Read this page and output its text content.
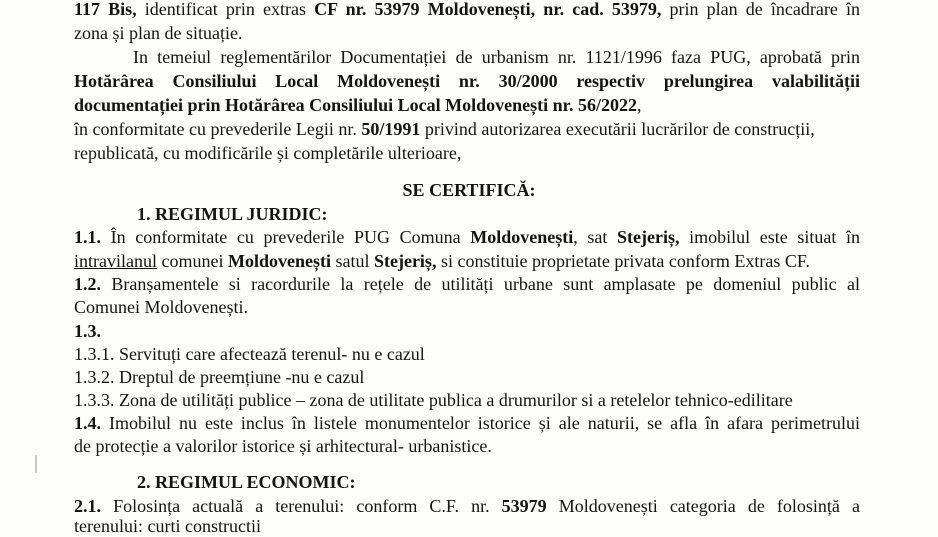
117 Bis, identificat prin extras CF nr. 53979 Moldovenești, nr. cad. 53979, prin plan de încadrare în
zona și plan de situație.
In temeiul reglementărilor Documentației de urbanism nr. 1121/1996 faza PUG, aprobată prin
Hotărârea Consiliului Local Moldovenești nr. 30/2000 respectiv prelungirea valabilității
documentației prin Hotărârea Consiliului Local Moldovenești nr. 56/2022,
în conformitate cu prevederile Legii nr. 50/1991 privind autorizarea executării lucrărilor de construcții,
republicată, cu modificările și completările ulterioare,
SE CERTIFICĂ:
1. REGIMUL JURIDIC:
1.1. În conformitate cu prevederile PUG Comuna Moldovenești, sat Stejeriș, imobilul este situat în
intravilanul comunei Moldovenești satul Stejeriș, si constituie proprietate privata conform Extras CF.
1.2. Branșamentele si racordurile la rețele de utilități urbane sunt amplasate pe domeniul public al
Comunei Moldovenești.
1.3.
1.3.1. Servituți care afectează terenul- nu e cazul
1.3.2. Dreptul de preemțiune -nu e cazul
1.3.3. Zona de utilități publice – zona de utilitate publica a drumurilor si a retelelor tehnico-edilitare
1.4. Imobilul nu este inclus în listele monumentelor istorice și ale naturii, se afla în afara perimetrului
de protecție a valorilor istorice și arhitectural- urbanistice.
2. REGIMUL ECONOMIC:
2.1. Folosința actuală a terenului: conform C.F. nr. 53979 Moldovenești categoria de folosință a
terenului: curti constructii
